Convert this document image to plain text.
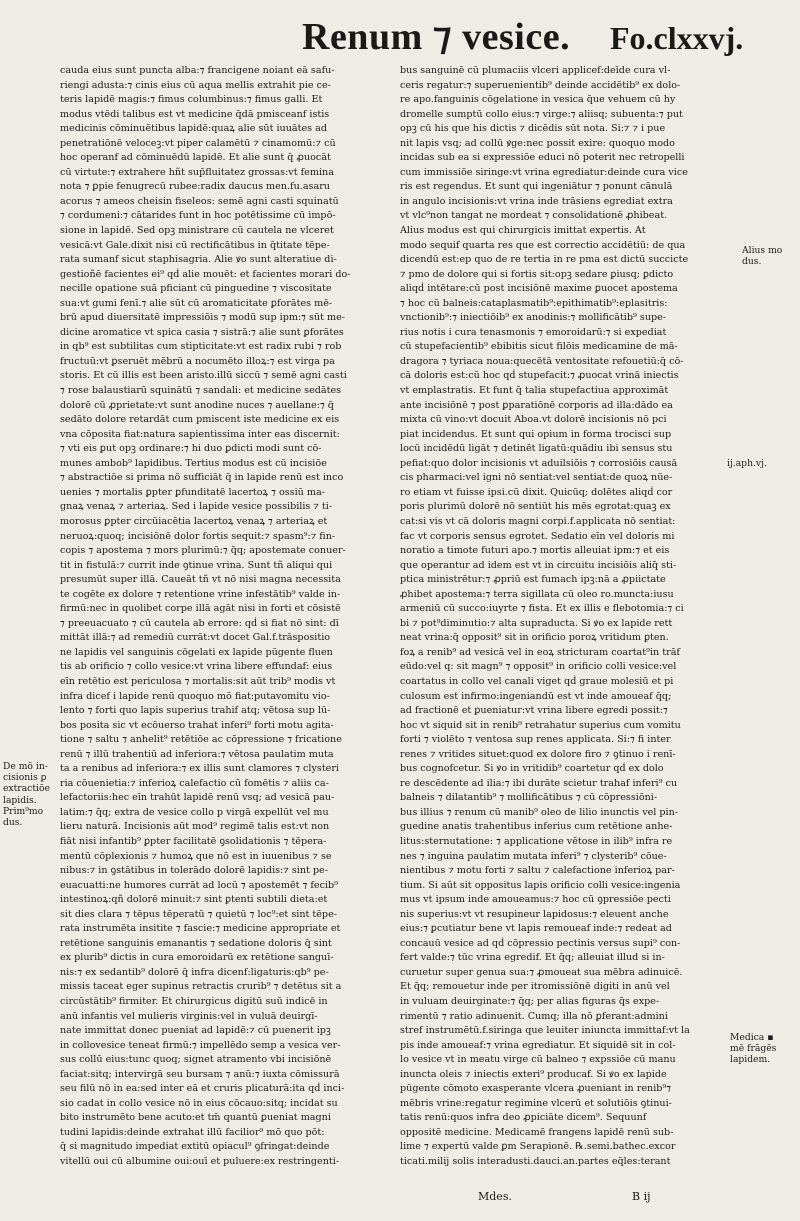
Renum ⁊ vesice. Fo.clxxvj.
cauda eius sunt puncta alba:⁊ francigene noiant eā safu-
riengi adusta:⁊ cinis eius cū aqua mellis extrahit pie ce-
teris lapidē magis:⁊ fimus columbinus:⁊ fimus galli. Et
modus vtēdi talibus est vt medicine q̄dā pmisceanf istis
medicinis cōminuētibus lapidē:quaꝝ alie sūt iuuātes ad
penetratiōnē veloceꝫ:vt piper calamētū ⁊ cinamomū:⁊ cū
hoc operanf ad cōminuēdū lapidē. Et alie sunt q̄ ꝓuocāt
cū virtute:⁊ extrahere hñt sup̄fluitatez grossas:vt femina
nota ⁊ ꝑpie fenugrecū rubee:radix daucus men.fu.asaru
acorus ⁊ ameos cheisin fiseleos: semē agni casti squinatū
⁊ cordumeni:⁊ cātarides funt in hoc potētissime cū impō-
sione in lapidē. Sed opꝫ ministrare cū cautela ne vlceret
vesicā:vt Gale.dixit nisi cū rectificātibus in q̄titate tēpe-
rata sumanf sicut staphisagria. Alie ꝟo sunt alteratiue di-
gestioñē facientes ei⁹ qḋ alie mouēt: et facientes morari do-
necille opatione suā pficiant cū pinguedine ⁊ viscositate
sua:vt gumi fenī.⁊ alie sūt cū aromaticitate ꝑforātes mē-
brū apud diuersitatē impressiōis ⁊ modū sup ipm:⁊ sūt me-
dicine aromatice vt spica casia ⁊ sistrā:⁊ alie sunt ꝑforātes
in qb⁹ est subtilitas cum stipticitate:vt est radix rubi ⁊ rob
fructuū:vt ꝑseruēt mēbrū a nocumēto illoꝝ:⁊ est virga pa
storis. Et cū illis est been aristo.illū siccū ⁊ semē agni casti
⁊ rose balaustiarū squinātū ⁊ sandali: et medicine sedātes
dolorē cū ꝓprietate:vt sunt anodine nuces ⁊ auellane:⁊ q̄
sedāto dolore retardāt cum pmiscent iste medicine ex eis
vna cōposita fiat:natura sapientissima inter eas discernit:
⁊ vti eis ꝑut opꝫ ordinare:⁊ hi duo ꝑdicti modi sunt cō-
munes ambob⁹ lapidibus. Tertius modus est cū incisiōe
⁊ abstractiōe si prima nō sufficiāt q̄ in lapide renū est inco
uenies ⁊ mortalis ꝑpter ꝑfunditatē lacertoꝝ ⁊ ossiū ma-
gnaꝝ venaꝝ ⁊ arteriaꝝ. Sed i lapide vesice possibilis ⁊ ti-
morosus ꝑpter circūiacētia lacertoꝝ venaꝝ ⁊ arteriaꝝ et
neruoꝝ:quoq; incisiōnē dolor fortis sequit:⁊ spasm⁹:⁊ fin-
copis ⁊ apostema ⁊ mors plurimū:⁊ q̄q; apostemate conuer-
tit in fistulā:⁊ currit inde ꝯtinue vrina. Sunt tñ aliqui qui
presumūt super illā. Caueāt tñ vt nō nisi magna necessita
te cogēte ex dolore ⁊ retentione vrine infestātib⁹ valde in-
firmū:nec in quolibet corpe illā agāt nisi in forti et cōsistē
⁊ preeuacuato ⁊ cū cautela ab errore: qḋ si fiat nō sint: dī
mittāt illā:⁊ ad remediū currāt:vt docet Gal.f.trāspositio
ne lapidis vel sanguinis cōgelati ex lapide pūgente fluen
tis ab orificio ⁊ collo vesice:vt vrina libere effundaf: eius
eīn retētio est periculosa ⁊ mortalis:sit aūt trib⁹ modis vt
infra dicef i lapide renū quoquo mō fiat:putavomitu vio-
lento ⁊ forti quo lapis superius trahif atq; vētosa sup lū-
bos posita sic vt ecōuerso trahat inferi⁹ forti motu agita-
tione ⁊ saltu ⁊ anhelit⁹ retētiōe ac cōpressione ⁊ fricatione
renū ⁊ illū trahentiū ad inferiora:⁊ vētosa paulatim muta
ta a renibus ad inferiora:⁊ ex illis sunt clamores ⁊ clysteri
ria cōuenietia:⁊ inferioꝝ calefactio cū fomētis ⁊ aliis ca-
lefactoriis:hec eīn trahūt lapidē renū vsq; ad vesicā pau-
latim:⁊ q̄q; extra de vesice collo p virgā expellūt vel mu
lieru naturā. Incisionis aūt mod⁹ regimē talis est:vt non
fiāt nisi infantib⁹ ꝑpter facilitatē ꝯsolidationis ⁊ tēpera-
mentū cōplexionis ⁊ humoꝝ que nō est in iuuenibus ⁊ se
nibus:⁊ in ꝯstātibus in tolerādo dolorē lapidis:⁊ sint pe-
euacuatti:ne humores currāt ad locū ⁊ apostemēt ⁊ fecib⁹
intestinoꝝ:qñ dolorē minuit:⁊ sint ꝑtenti subtili dieta:et
sit dies clara ⁊ tēpus tēperatū ⁊ quietū ⁊ loc⁹:et sint tēpe-
rata instrumēta insitite ⁊ fascie:⁊ medicine appropriate et
retētione sanguinis emanantis ⁊ sedatione doloris q̄ sint
ex plurib⁹ dictis in cura emoroidarū ex retētione sanguī-
nis:⁊ ex sedantib⁹ dolorē q̄ infra dicenf:ligaturis:qb⁹ pe-
missis taceat eger supinus retractis crurib⁹ ⁊ detētus sit a
circūstātib⁹ firmiter. Et chirurgicus digitū suū indicē in
anū infantis vel mulieris virginis:vel in vuluā deuirgī-
nate immittat donec pueniat ad lapidē:⁊ cū puenerit ipꝫ
in collovesice teneat firmū:⁊ impellēdo semp a vesica ver-
sus collū eius:tunc quoq; signet atramento vbi incisiōnē
faciat:sitq; intervirgā seu bursam ⁊ anū:⁊ iuxta cōmissurā
seu filū nō in ea:sed inter eā et cruris plicaturā:ita qḋ inci-
sio cadat in collo vesice nō in eius cōcauo:sitq; incidat su
bito instrumēto bene acuto:et tm̄ quantū ꝑueniat magni
tudini lapidis:deinde extrahat illū facilior⁹ mō quo pōt:
q̄ si magnitudo impediat extitū opiacul⁹ ꝯfringat:deinde
vitellū oui cū albumine oui:ouī et puluere:ex restringenti-
bus sanguinē cū plumaciis vlceri applicef:deīde cura vl-
ceris regatur:⁊ superuenientib⁹ deinde accidētib⁹ ex dolo-
re apo.fanguinis cōgelatione in vesica q̄ue vehuem cū hy
dromelle sumptū collo eius:⁊ virge:⁊ aliisq; subuenta:⁊ put
opꝫ cū his que his dictis ⁊ dicēdis sūt nota. Si:⁊ ⁊ i pue
nit lapis vsq; ad collū ꝟge:nec possit exire: quoquo modo
incidas sub ea si expressiōe educi nō poterit nec retropelli
cum immissiōe siringe:vt vrina egrediatur:deinde cura vice
ris est regendus. Et sunt qui ingeniātur ⁊ ponunt cānulā
in angulo incisionis:vt vrina inde trāsiens egrediat extra
vt vlc⁹non tangat ne mordeat ⁊ consolidationē ꝓhibeat.
Alius modus est qui chirurgicis imittat expertis. At
modo sequif quarta res que est correctio accidētiū: de qua
dicendū est:ep quo de re tertia in re pma est dictū succicte
⁊ pmo de dolore qui si fortis sit:opꝫ sedare ꝑiusq; ꝑdicto
aliqḋ intētare:cū post incisiōnē maxime ꝑuocet apostema
⁊ hoc cū balneis:cataplasmatib⁹:epithimatib⁹:eplasitris:
vnctionib⁹:⁊ iniectiōib⁹ ex anodinis:⁊ mollificātib⁹ supe-
rius notis i cura tenasmonis ⁊ emoroidarū:⁊ si expediat
cū stupefacientib⁹ ebibitis sicut filōis medicamine de mā-
dragora ⁊ tyriaca noua:quecētā ventositate refouetiū:q̄ cō-
cā doloris est:cū hoc qḋ stupefacit:⁊ ꝓuocat vrinā iniectis
vt emplastratis. Et funt q̄ talia stupefactiua approximāt
ante incisiōnē ⁊ post ꝑparatiōnē corporis ad illa:dādo ea
mixta cū vino:vt docuit Aboa.vt dolorē incisionis nō pci
piat incidendus. Et sunt qui opium in forma trocisci sup
locū incidēdū ligāt ⁊ detinēt ligatū:quādiu ibi sensus stu
pefiat:quo dolor incisionis vt aduilsiōis ⁊ corrosiōis causā
cis pharmaci:vel igni nō sentiat:vel sentiat:de quoꝝ nūe-
ro etiam vt fuisse ipsi.cū dixit. Quicūq; dolētes aliqḋ cor
poris plurimū dolorē nō sentiūt his mēs egrotat:quaꝫ ex
cat:si vis vt cā doloris magni corpi.f.applicata nō sentiat:
fac vt corporis sensus egrotet. Sedatio eīn vel doloris mi
noratio a timote futuri apo.⁊ mortis alleuiat ipm:⁊ et eis
que operantur ad idem est vt in circuitu incisiōis aliq̄ sti-
ptica ministrētur:⁊ ꝓpriū est fumach ipꝫ:nā a ꝓpiictate
ꝓhibet apostema:⁊ terra sigillata cū oleo ro.muncta:iusu
armeniū cū succo:iuyrte ⁊ fista. Et ex illis e flebotomia:⁊ ci
bi ⁊ pot⁹diminutio:⁊ alta supraducta. Si ꝟo ex lapide rett
neat vrina:q̄ opposit⁹ sit in orificio poroꝝ vritidum ꝑten.
foꝝ a renib⁹ ad vesicā vel in eoꝝ stricturam coartat⁹in trāf
eūdo:vel q: sit magn⁹ ⁊ opposit⁹ in orificio colli vesice:vel
coartatus in collo vel canali viget qḋ graue molesiū et pi
culosum est infirmo:ingeniandū est vt inde amoueaf q̄q;
ad fractionē et ꝑueniatur:vt vrina libere egredi possit:⁊
hoc vt siquid sit in renib⁹ retrahatur superius cum vomitu
forti ⁊ violēto ⁊ ventosa sup renes applicata. Si:⁊ fi inter
renes ⁊ vritides situet:quod ex dolore firo ⁊ ꝯtinuo i renī-
bus cognofcetur. Si ꝟo in vritidib⁹ coartetur qḋ ex dolo
re descēdente ad ilia:⁊ ibi durāte scietur trahaf inferi⁹ cu
balneis ⁊ dilatantib⁹ ⁊ mollificātibus ⁊ cū cōpressiōni-
bus illius ⁊ renum cū manib⁹ oleo de lilio inunctis vel pin-
guedine anatis trahentibus inferius cum retētione anhe-
litus:sternutatione: ⁊ applicatione vētose in ilib⁹ infra re
nes ⁊ inguina paulatim mutata inferi⁹ ⁊ clysterib⁹ cōue-
nientibus ⁊ motu forti ⁊ saltu ⁊ calefactione inferioꝝ par-
tium. Si aūt sit oppositus lapis orificio colli vesice:ingenia
mus vt ipsum inde amoueamus:⁊ hoc cū ꝯpressiōe pecti
nis superius:vt vt resupineur lapidosus:⁊ eleuent anche
eius:⁊ ꝑcutiatur bene vt lapis remoueaf inde:⁊ redeat ad
concauū vesice ad qḋ cōpressio pectinis versus supi⁹ con-
fert valde:⁊ tūc vrina egredif. Et q̄q; alleuiat illud si in-
curuetur super genua sua:⁊ ꝓmoueat sua mēbra adinuicē.
Et q̄q; remouetur inde per itromissiōnē digiti in anū vel
in vuluam deuirginate:⁊ q̄q; per alias figuras q̄s expe-
rimentū ⁊ ratio adinuenit. Cumq; illa nō ꝑferant:admini
stref instrumētū.f.siringa que leuiter iniuncta immittaf:vt la
pis inde amoueaf:⁊ vrina egrediatur. Et siquidē sit in col-
lo vesice vt in meatu virge cū balneo ⁊ expssiōe cū manu
inuncta oleis ⁊ iniectis exteri⁹ producaf. Si ꝟo ex lapide
pūgente cōmoto exasperante vlcera ꝓueniant in renib⁹⁊
mēbris vrine:regatur regimine vlcerū et solutiōis ꝯtinui-
tatis renū:quos infra deo ꝓpiciāte dicem⁹. Sequunf
oppositē medicine. Medicamē frangens lapidē renū sub-
lime ⁊ expertū valde ꝑm Serapionē. ℞.semi.bathec.excor
ticati.milij solis interadusti.dauci.an.partes eq̄les:terant
De mō in-
cisionis ꝑ
extractiōe
lapidis.
Prim⁹mo
dus.
Alius mo
dus.
ij.aph.vj.
Medica ▪
mē frāgēs
lapidem.
Mdes.	B ij
